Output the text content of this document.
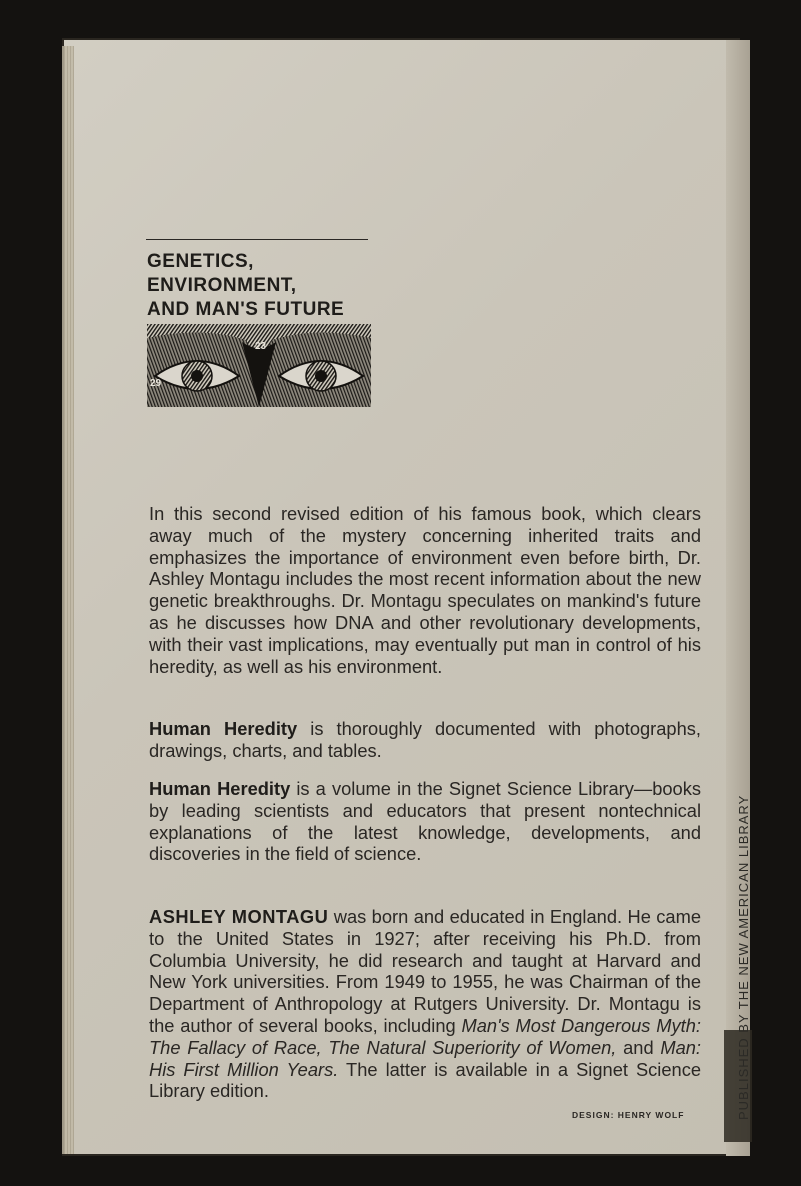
PUBLISHED BY THE NEW AMERICAN LIBRARY
GENETICS,
ENVIRONMENT,
AND MAN'S FUTURE
23
29
In this second revised edition of his famous book, which clears away much of the mystery concerning inherited traits and emphasizes the importance of environment even before birth, Dr. Ashley Montagu includes the most recent information about the new genetic breakthroughs. Dr. Montagu speculates on mankind's future as he discusses how DNA and other revolutionary developments, with their vast implications, may eventually put man in control of his heredity, as well as his environment.
Human Heredity is thoroughly documented with photographs, drawings, charts, and tables.
Human Heredity is a volume in the Signet Science Library—books by leading scientists and educators that present nontechnical explanations of the latest knowledge, developments, and discoveries in the field of science.
ASHLEY MONTAGU was born and educated in England. He came to the United States in 1927; after receiving his Ph.D. from Columbia University, he did research and taught at Harvard and New York universities. From 1949 to 1955, he was Chairman of the Department of Anthropology at Rutgers University. Dr. Montagu is the author of several books, including Man's Most Dangerous Myth: The Fallacy of Race, The Natural Superiority of Women, and Man: His First Million Years. The latter is available in a Signet Science Library edition.
DESIGN: HENRY WOLF
